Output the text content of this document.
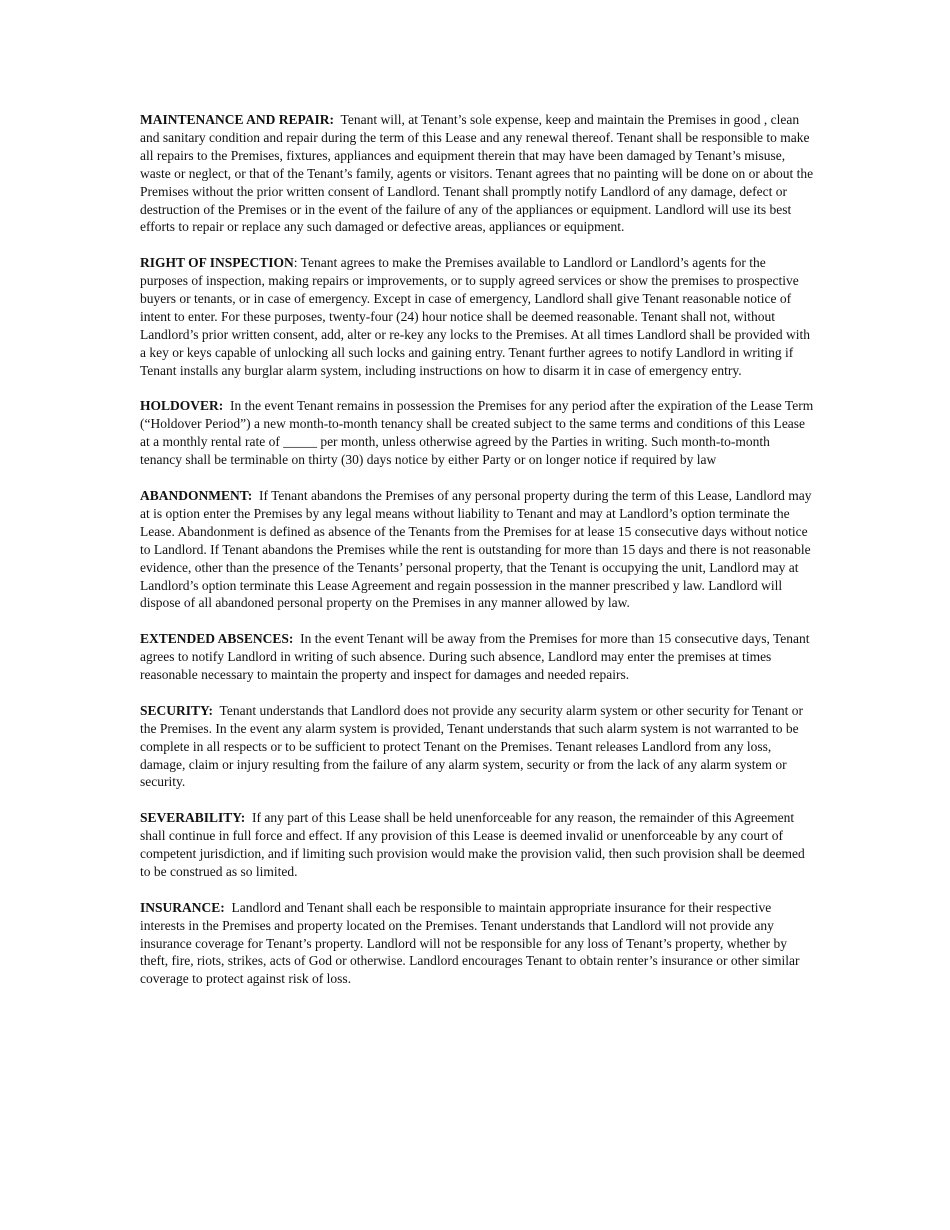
MAINTENANCE AND REPAIR: Tenant will, at Tenant’s sole expense, keep and maintain the Premises in good , clean and sanitary condition and repair during the term of this Lease and any renewal thereof. Tenant shall be responsible to make all repairs to the Premises, fixtures, appliances and equipment therein that may have been damaged by Tenant’s misuse, waste or neglect, or that of the Tenant’s family, agents or visitors. Tenant agrees that no painting will be done on or about the Premises without the prior written consent of Landlord. Tenant shall promptly notify Landlord of any damage, defect or destruction of the Premises or in the event of the failure of any of the appliances or equipment. Landlord will use its best efforts to repair or replace any such damaged or defective areas, appliances or equipment.

RIGHT OF INSPECTION: Tenant agrees to make the Premises available to Landlord or Landlord’s agents for the purposes of inspection, making repairs or improvements, or to supply agreed services or show the premises to prospective buyers or tenants, or in case of emergency. Except in case of emergency, Landlord shall give Tenant reasonable notice of intent to enter. For these purposes, twenty-four (24) hour notice shall be deemed reasonable. Tenant shall not, without Landlord’s prior written consent, add, alter or re-key any locks to the Premises. At all times Landlord shall be provided with a key or keys capable of unlocking all such locks and gaining entry. Tenant further agrees to notify Landlord in writing if Tenant installs any burglar alarm system, including instructions on how to disarm it in case of emergency entry.

HOLDOVER: In the event Tenant remains in possession the Premises for any period after the expiration of the Lease Term (“Holdover Period”) a new month-to-month tenancy shall be created subject to the same terms and conditions of this Lease at a monthly rental rate of _____ per month, unless otherwise agreed by the Parties in writing. Such month-to-month tenancy shall be terminable on thirty (30) days notice by either Party or on longer notice if required by law

ABANDONMENT: If Tenant abandons the Premises of any personal property during the term of this Lease, Landlord may at is option enter the Premises by any legal means without liability to Tenant and may at Landlord’s option terminate the Lease. Abandonment is defined as absence of the Tenants from the Premises for at lease 15 consecutive days without notice to Landlord. If Tenant abandons the Premises while the rent is outstanding for more than 15 days and there is not reasonable evidence, other than the presence of the Tenants’ personal property, that the Tenant is occupying the unit, Landlord may at Landlord’s option terminate this Lease Agreement and regain possession in the manner prescribed y law. Landlord will dispose of all abandoned personal property on the Premises in any manner allowed by law.

EXTENDED ABSENCES: In the event Tenant will be away from the Premises for more than 15 consecutive days, Tenant agrees to notify Landlord in writing of such absence. During such absence, Landlord may enter the premises at times reasonable necessary to maintain the property and inspect for damages and needed repairs.

SECURITY: Tenant understands that Landlord does not provide any security alarm system or other security for Tenant or the Premises. In the event any alarm system is provided, Tenant understands that such alarm system is not warranted to be complete in all respects or to be sufficient to protect Tenant on the Premises. Tenant releases Landlord from any loss, damage, claim or injury resulting from the failure of any alarm system, security or from the lack of any alarm system or security.

SEVERABILITY: If any part of this Lease shall be held unenforceable for any reason, the remainder of this Agreement shall continue in full force and effect. If any provision of this Lease is deemed invalid or unenforceable by any court of competent jurisdiction, and if limiting such provision would make the provision valid, then such provision shall be deemed to be construed as so limited.

INSURANCE: Landlord and Tenant shall each be responsible to maintain appropriate insurance for their respective interests in the Premises and property located on the Premises. Tenant understands that Landlord will not provide any insurance coverage for Tenant’s property. Landlord will not be responsible for any loss of Tenant’s property, whether by theft, fire, riots, strikes, acts of God or otherwise. Landlord encourages Tenant to obtain renter’s insurance or other similar coverage to protect against risk of loss.
